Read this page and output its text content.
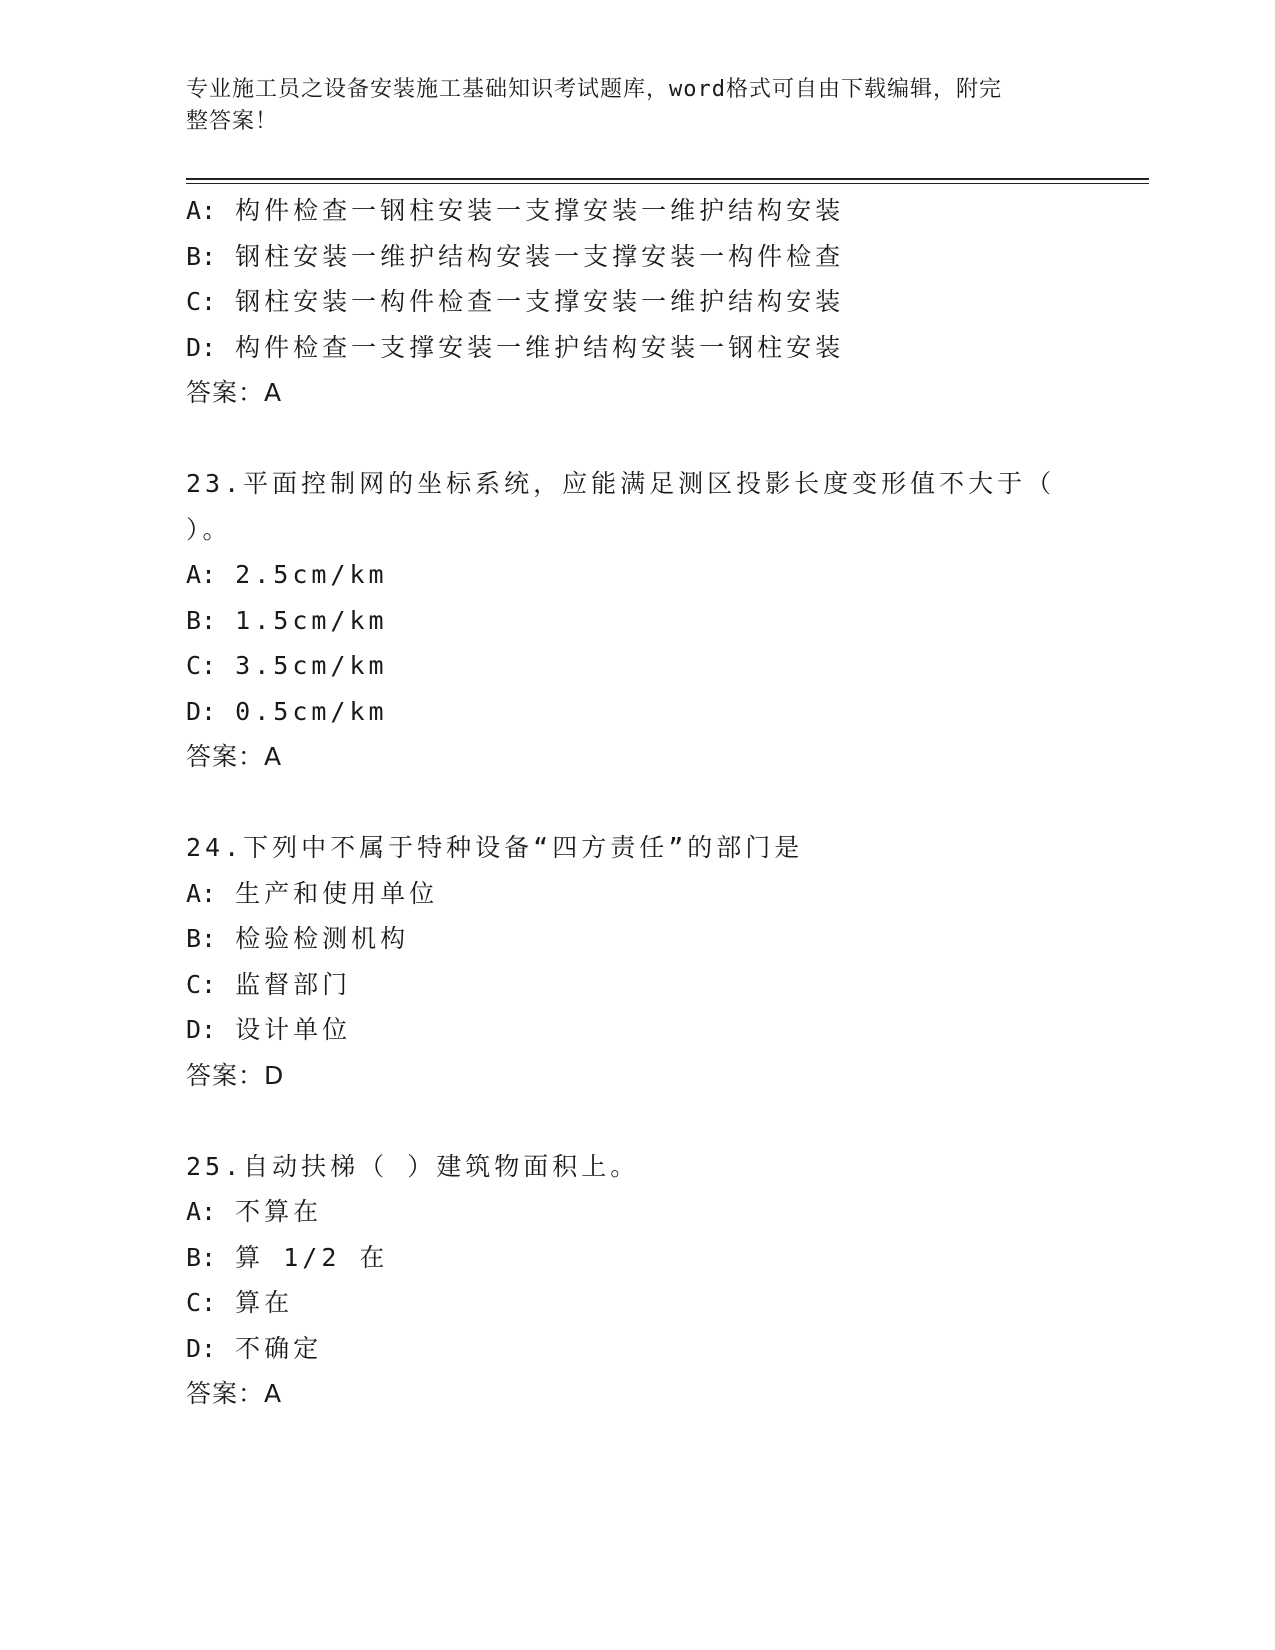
专业施工员之设备安装施工基础知识考试题库，word格式可自由下载编辑，附完
整答案！
A: 构件检查一钢柱安装一支撑安装一维护结构安装
B: 钢柱安装一维护结构安装一支撑安装一构件检查
C: 钢柱安装一构件检查一支撑安装一维护结构安装
D: 构件检查一支撑安装一维护结构安装一钢柱安装
答案：A
23.平面控制网的坐标系统，应能满足测区投影长度变形值不大于（
）。
A: 2.5cm/km
B: 1.5cm/km
C: 3.5cm/km
D: 0.5cm/km
答案：A
24.下列中不属于特种设备“四方责任”的部门是
A: 生产和使用单位
B: 检验检测机构
C: 监督部门
D: 设计单位
答案：D
25.自动扶梯（ ）建筑物面积上。
A: 不算在
B: 算 1/2 在
C: 算在
D: 不确定
答案：A
